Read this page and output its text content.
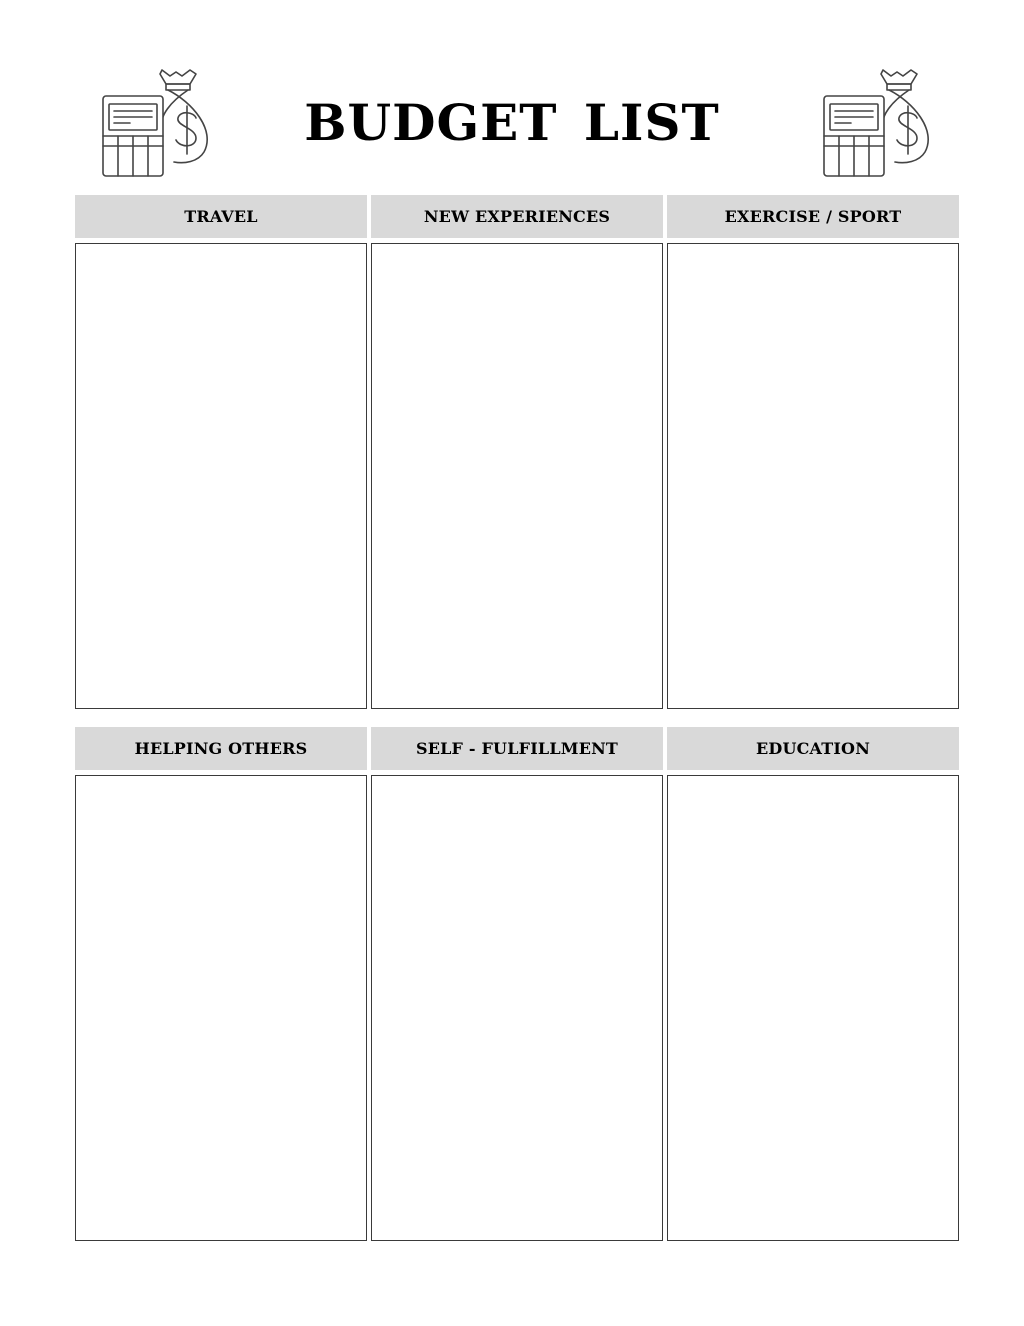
BUDGET LIST
TRAVEL	NEW EXPERIENCES	EXERCISE / SPORT
HELPING OTHERS	SELF - FULFILLMENT	EDUCATION
